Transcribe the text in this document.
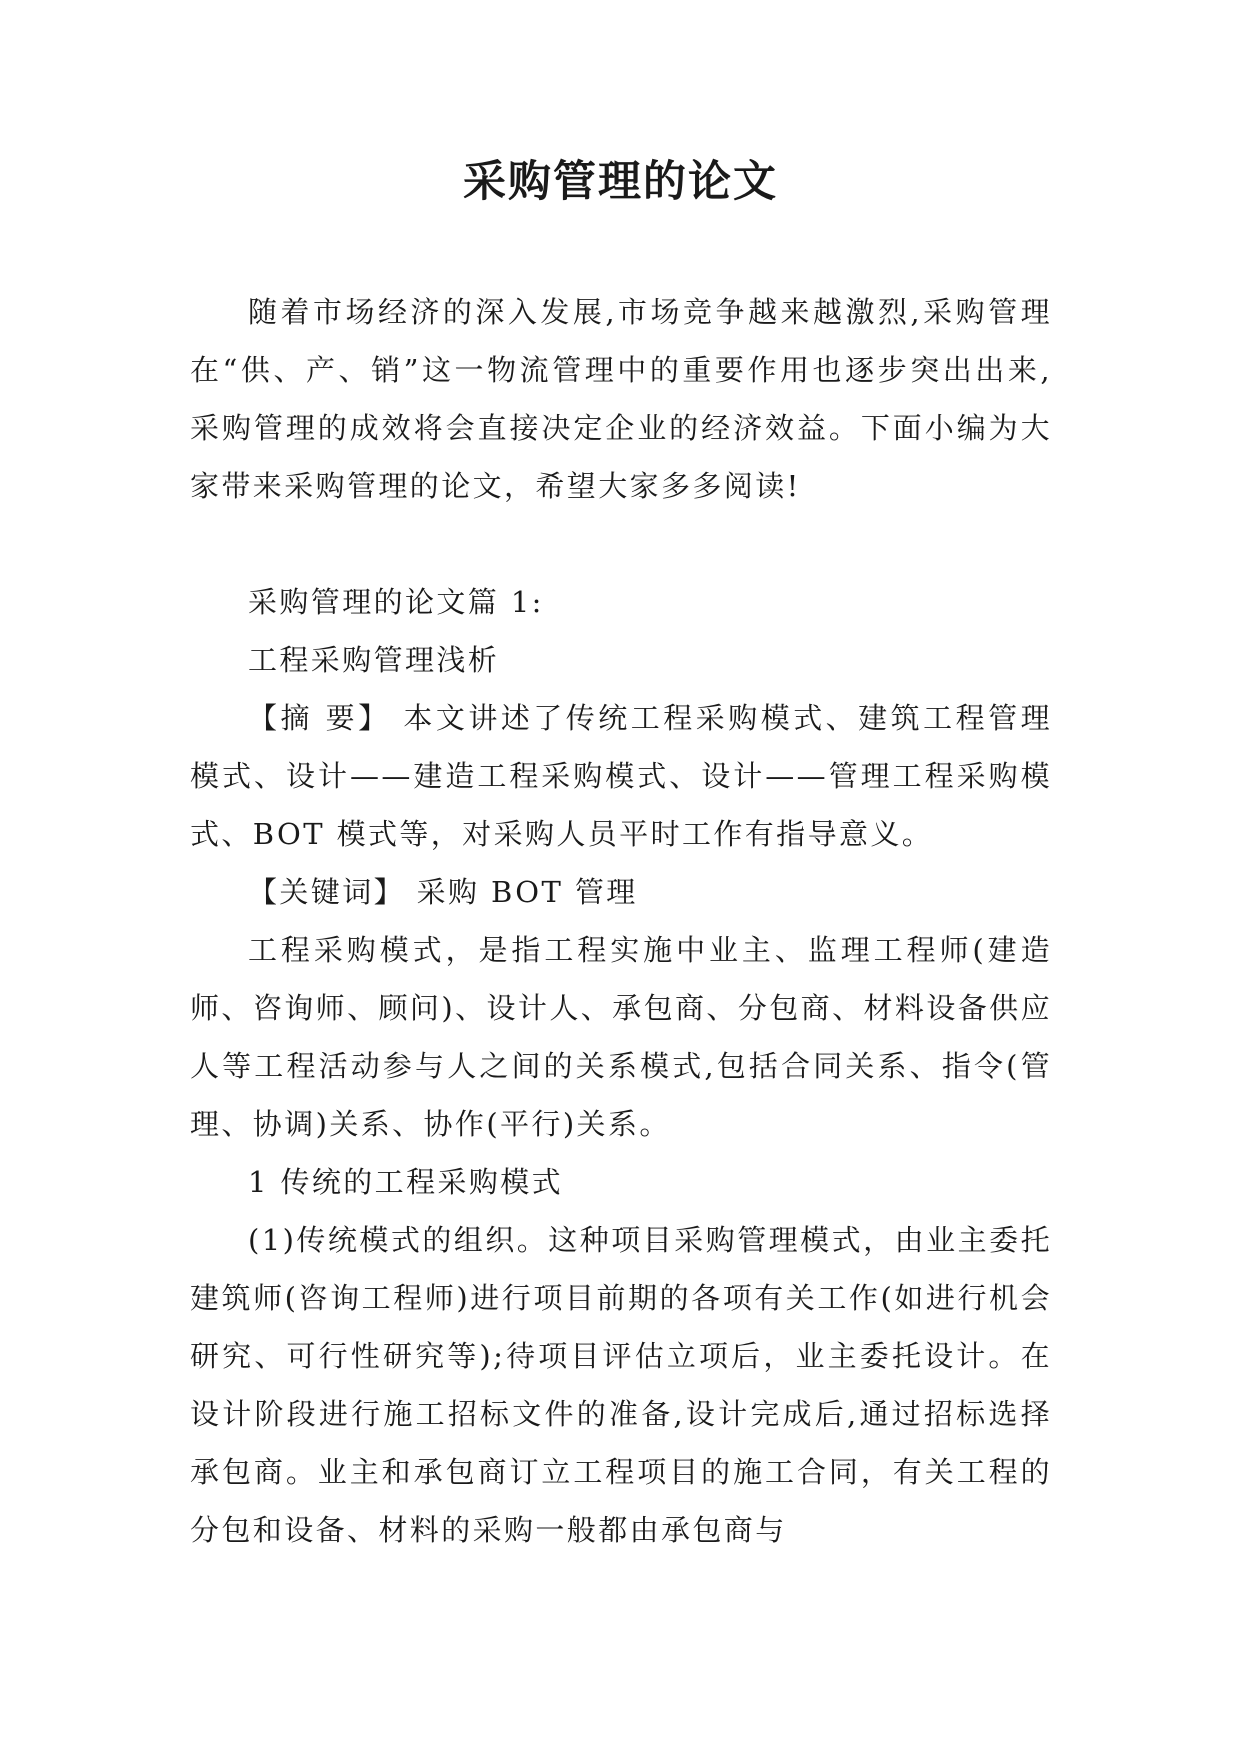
采购管理的论文

随着市场经济的深入发展,市场竞争越来越激烈,采购管理在“供、产、销”这一物流管理中的重要作用也逐步突出出来,采购管理的成效将会直接决定企业的经济效益。下面小编为大家带来采购管理的论文，希望大家多多阅读!

采购管理的论文篇 1:

工程采购管理浅析

【摘 要】 本文讲述了传统工程采购模式、建筑工程管理模式、设计——建造工程采购模式、设计——管理工程采购模式、BOT 模式等，对采购人员平时工作有指导意义。

【关键词】 采购 BOT 管理

工程采购模式，是指工程实施中业主、监理工程师(建造师、咨询师、顾问)、设计人、承包商、分包商、材料设备供应人等工程活动参与人之间的关系模式,包括合同关系、指令(管理、协调)关系、协作(平行)关系。

1 传统的工程采购模式

(1)传统模式的组织。这种项目采购管理模式，由业主委托建筑师(咨询工程师)进行项目前期的各项有关工作(如进行机会研究、可行性研究等);待项目评估立项后，业主委托设计。在设计阶段进行施工招标文件的准备,设计完成后,通过招标选择承包商。业主和承包商订立工程项目的施工合同，有关工程的分包和设备、材料的采购一般都由承包商与
